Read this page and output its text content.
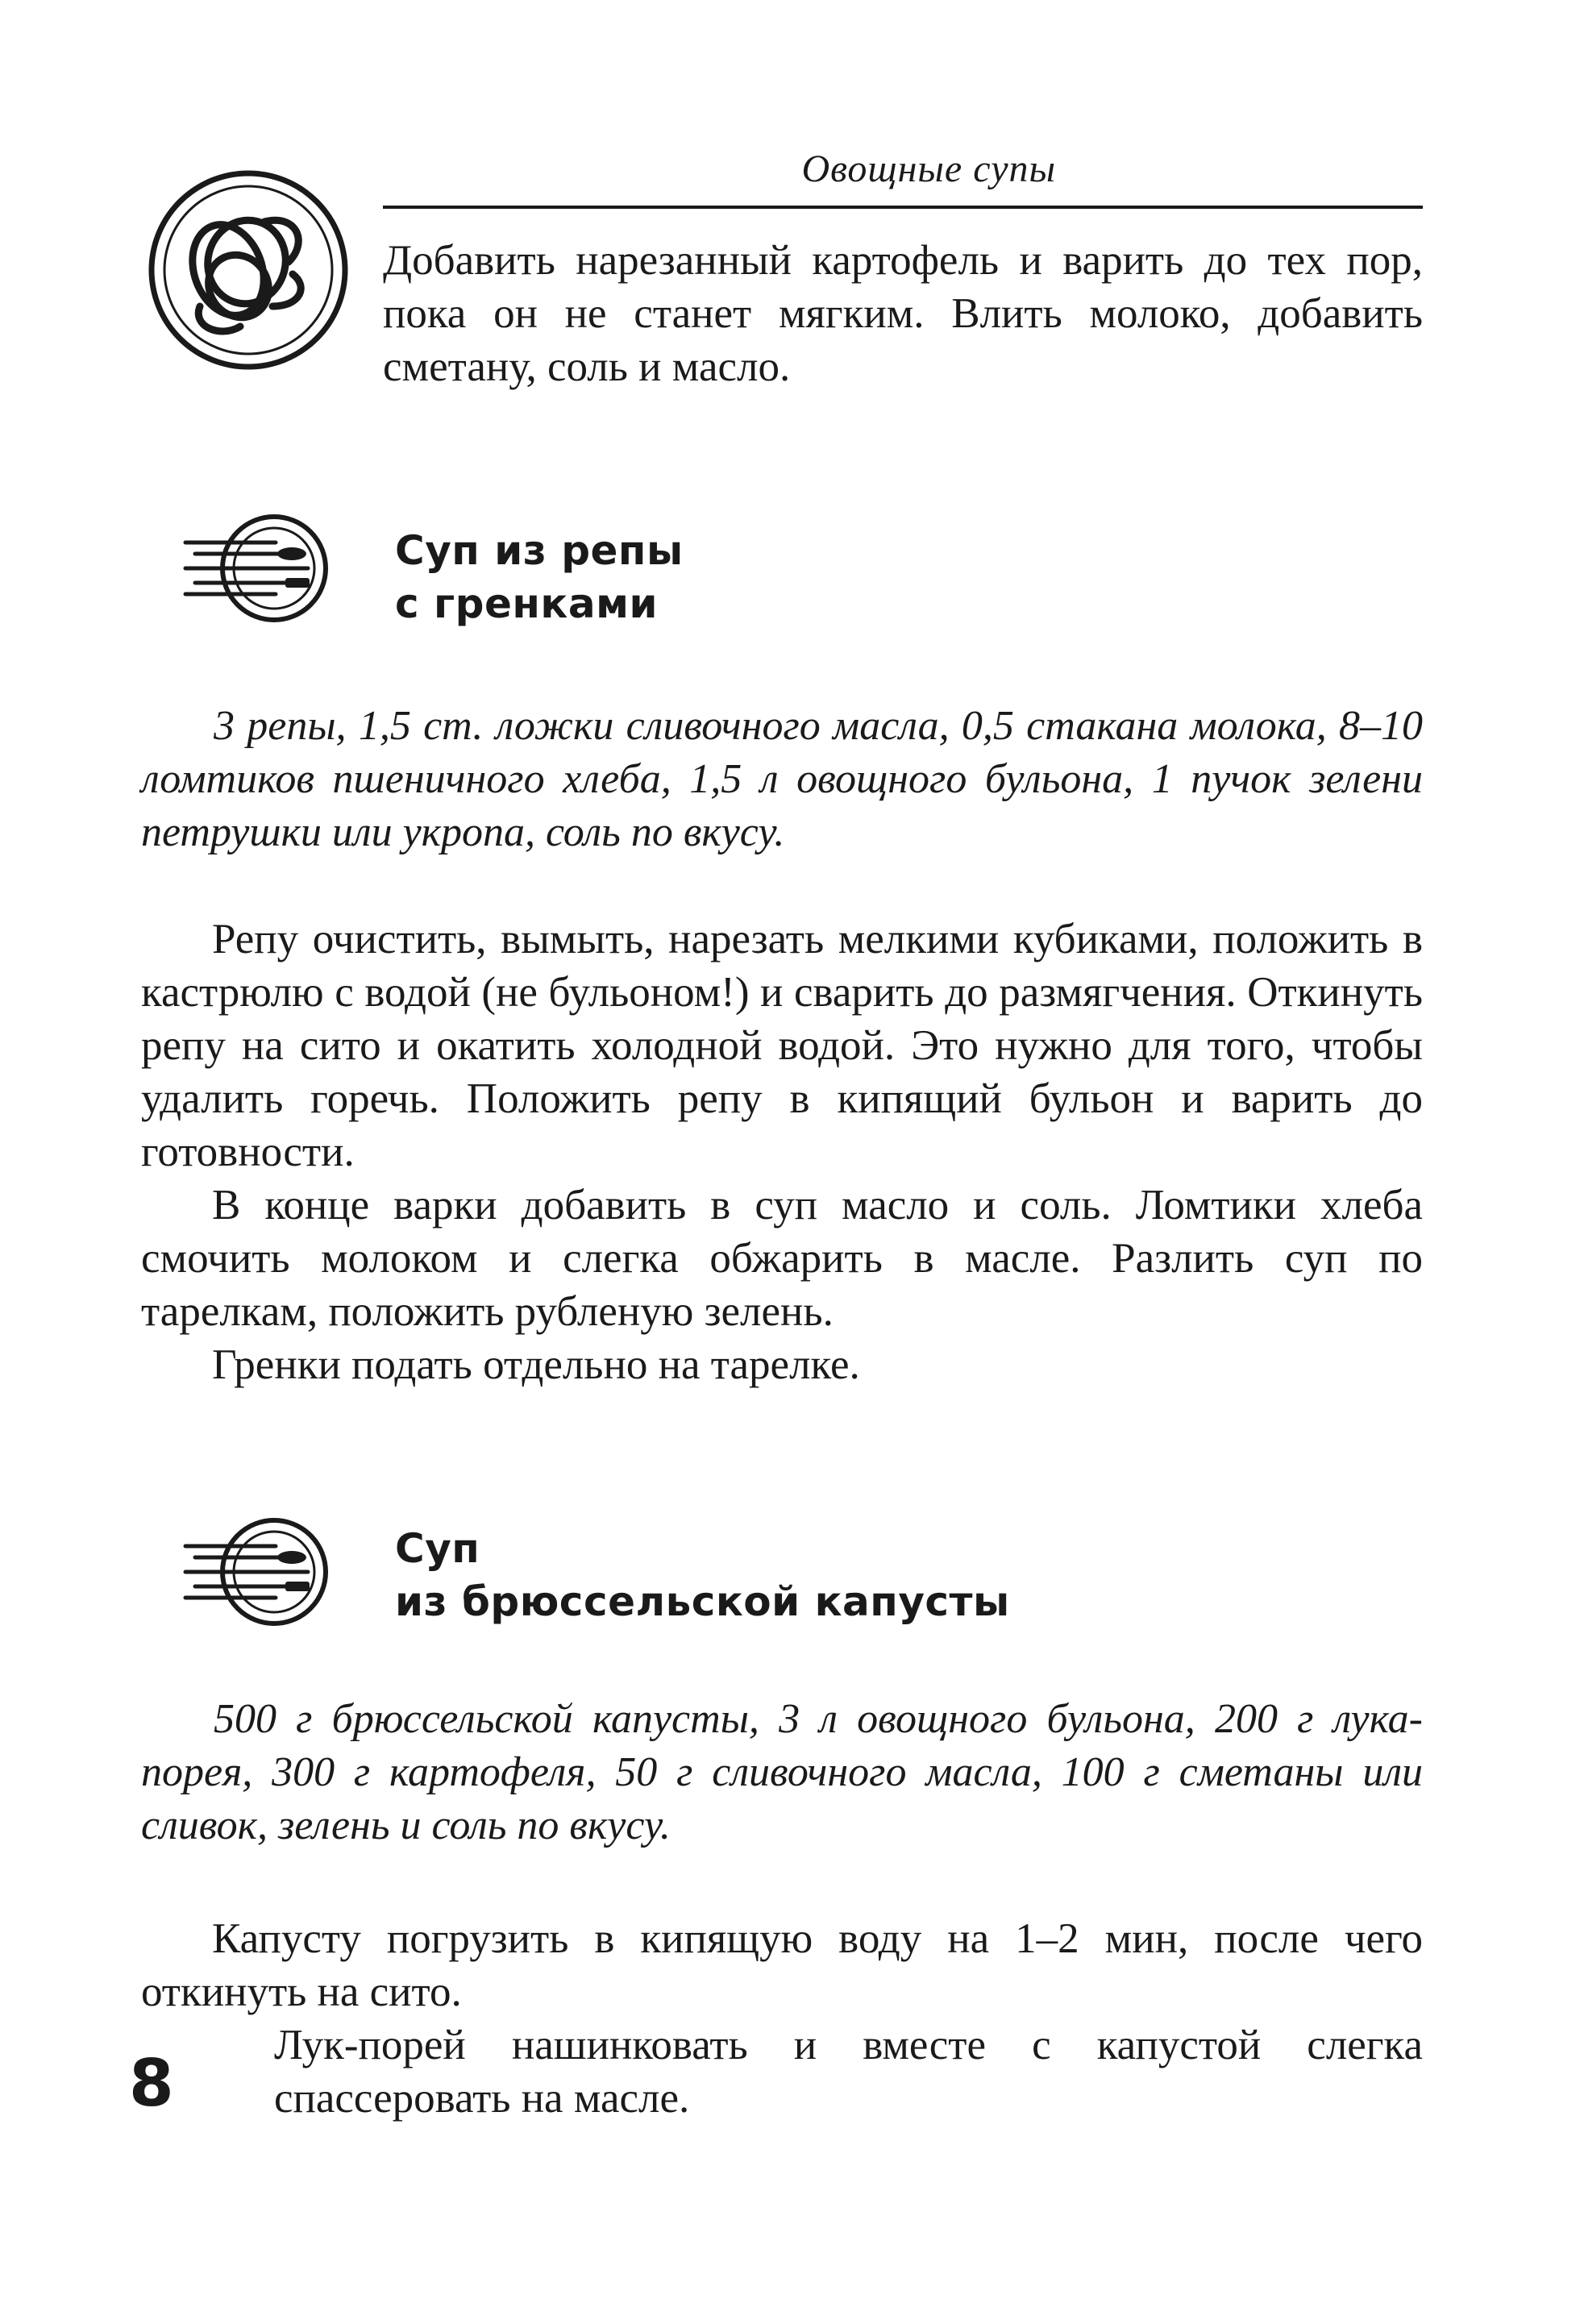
Овощные супы

Добавить нарезанный картофель и варить до тех пор, пока он не станет мягким. Влить молоко, добавить сметану, соль и масло.

Суп из репы
с гренками

3 репы, 1,5 ст. ложки сливочного масла, 0,5 стакана молока, 8–10 ломтиков пшеничного хлеба, 1,5 л овощного бульона, 1 пучок зелени петрушки или укропа, соль по вкусу.

Репу очистить, вымыть, нарезать мелкими кубиками, положить в кастрюлю с водой (не бульоном!) и сварить до размягчения. Откинуть репу на сито и окатить холодной водой. Это нужно для того, чтобы удалить горечь. Положить репу в кипящий бульон и варить до готовности.

В конце варки добавить в суп масло и соль. Ломтики хлеба смочить молоком и слегка обжарить в масле. Разлить суп по тарелкам, положить рубленую зелень.

Гренки подать отдельно на тарелке.

Суп
из брюссельской капусты

500 г брюссельской капусты, 3 л овощного бульона, 200 г лука-порея, 300 г картофеля, 50 г сливочного масла, 100 г сметаны или сливок, зелень и соль по вкусу.

Капусту погрузить в кипящую воду на 1–2 мин, после чего откинуть на сито.

Лук-порей нашинковать и вместе с капустой слегка спассеровать на масле.

8
